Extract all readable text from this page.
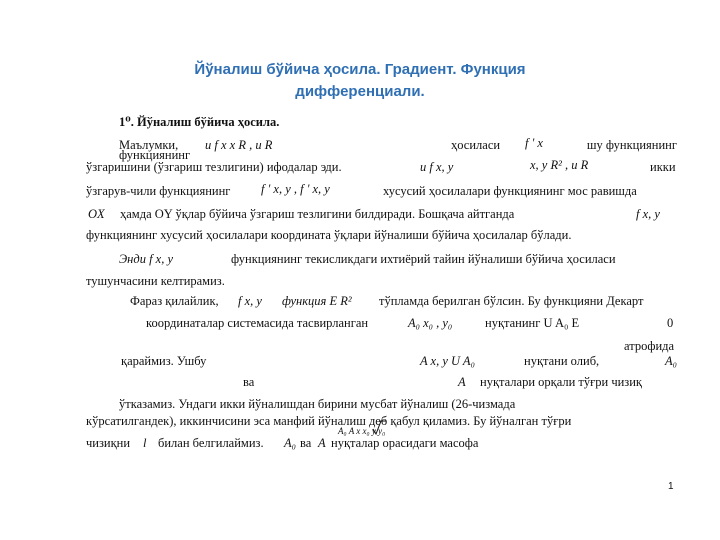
Йўналиш бўйича ҳосила. Градиент. Функция
дифференциали.
1⁰. Йўналиш бўйича ҳосила.
Маълумки, u f x x R , u R	ҳосиласи f ' x	шу функциянинг
функциянинг
ўзгаришини (ўзгариш тезлигини) ифодалар эди.	u f x, y	x, y R² , u R	икки
ўзгарув-чили функциянинг f ' x, y , f ' x, y	хусусий ҳосилалари функциянинг мос равишда
OX ҳамда OY ўқлар бўйича ўзгариш тезлигини билдиради. Бошқача айтганда	f x, y
функциянинг хусусий ҳосилалари координата ўқлари йўналиши бўйича ҳосилалар бўлади.
Энди f x, y	функциянинг текисликдаги ихтиёрий тайин йўналиши бўйича ҳосиласи
тушунчасини келтирамиз.
Фараз қилайлик, f x, y функция E R² тўпламда берилган бўлсин. Бу функцияни Декарт
координаталар системасида тасвирланган	A₀ x₀ , y₀	нуқтанинг U A₀ E	0
атрофида
қараймиз. Ушбу	A x, y U A₀	нуқтани олиб,	A₀
ва	A нуқталари орқали тўғри чизиқ
ўтказамиз. Ундаги икки йўналишдан бирини мусбат йўналиш (26-чизмада
кўрсатилгандек), иккинчисини эса манфий йўналиш деб қабул қиламиз. Бу йўналган тўғри
A₀ A x x₀ y y₀
чизиқни l билан белгилаймиз. A₀ ва A нуқталар орасидаги масофа
1
